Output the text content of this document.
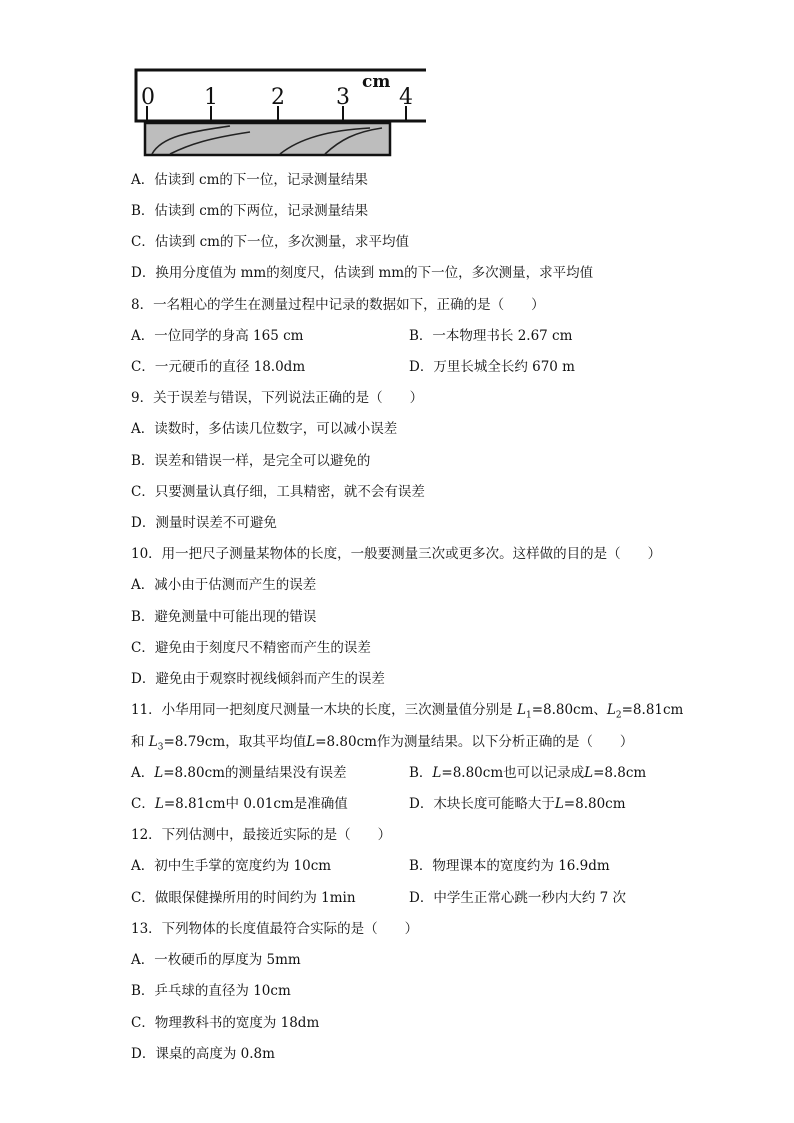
0 1 2 3 4
cm
A．估读到 cm的下一位，记录测量结果
B．估读到 cm的下两位，记录测量结果
C．估读到 cm的下一位，多次测量，求平均值
D．换用分度值为 mm的刻度尺，估读到 mm的下一位，多次测量，求平均值
8．一名粗心的学生在测量过程中记录的数据如下，正确的是（　　）
A．一位同学的身高 165 cm	B．一本物理书长 2.67 cm
C．一元硬币的直径 18.0dm	D．万里长城全长约 670 m
9．关于误差与错误，下列说法正确的是（　　）
A．读数时，多估读几位数字，可以减小误差
B．误差和错误一样，是完全可以避免的
C．只要测量认真仔细，工具精密，就不会有误差
D．测量时误差不可避免
10．用一把尺子测量某物体的长度，一般要测量三次或更多次。这样做的目的是（　　）
A．减小由于估测而产生的误差
B．避免测量中可能出现的错误
C．避免由于刻度尺不精密而产生的误差
D．避免由于观察时视线倾斜而产生的误差
11．小华用同一把刻度尺测量一木块的长度，三次测量值分别是 $L_1=8.80cm$、$L_2=8.81cm$
和 $L_3=8.79cm$，取其平均值L=8.80cm作为测量结果。以下分析正确的是（　　）
A．L=8.80cm的测量结果没有误差	B．L=8.80cm也可以记录成L=8.8cm
C．L=8.81cm中 0.01cm是准确值	D．木块长度可能略大于L=8.80cm
12．下列估测中，最接近实际的是（　　）
A．初中生手掌的宽度约为 10cm	B．物理课本的宽度约为 16.9dm
C．做眼保健操所用的时间约为 1min	D．中学生正常心跳一秒内大约 7 次
13．下列物体的长度值最符合实际的是（　　）
A．一枚硬币的厚度为 5mm
B．乒乓球的直径为 10cm
C．物理教科书的宽度为 18dm
D．课桌的高度为 0.8m
